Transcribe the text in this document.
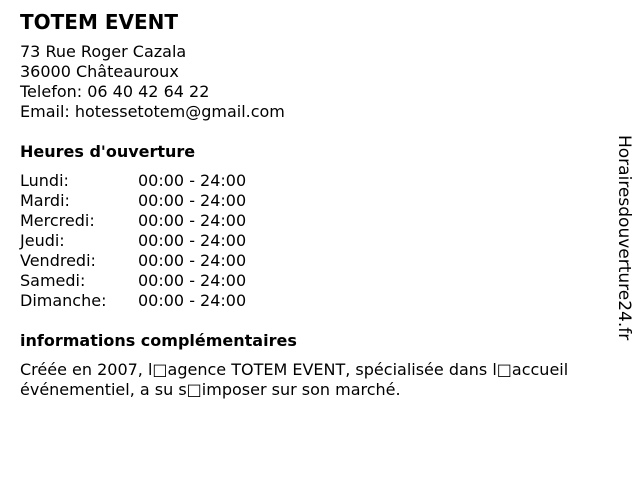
TOTEM EVENT
73 Rue Roger Cazala
36000 Châteauroux
Telefon: 06 40 42 64 22
Email: hotessetotem@gmail.com
Heures d'ouverture
Lundi:	00:00 - 24:00
Mardi:	00:00 - 24:00
Mercredi:	00:00 - 24:00
Jeudi:	00:00 - 24:00
Vendredi:	00:00 - 24:00
Samedi:	00:00 - 24:00
Dimanche: 00:00 - 24:00
informations complémentaires
Créée en 2007, l□agence TOTEM EVENT, spécialisée dans l□accueil événementiel, a su s□imposer sur son marché.
Horairesdouverture24.fr
